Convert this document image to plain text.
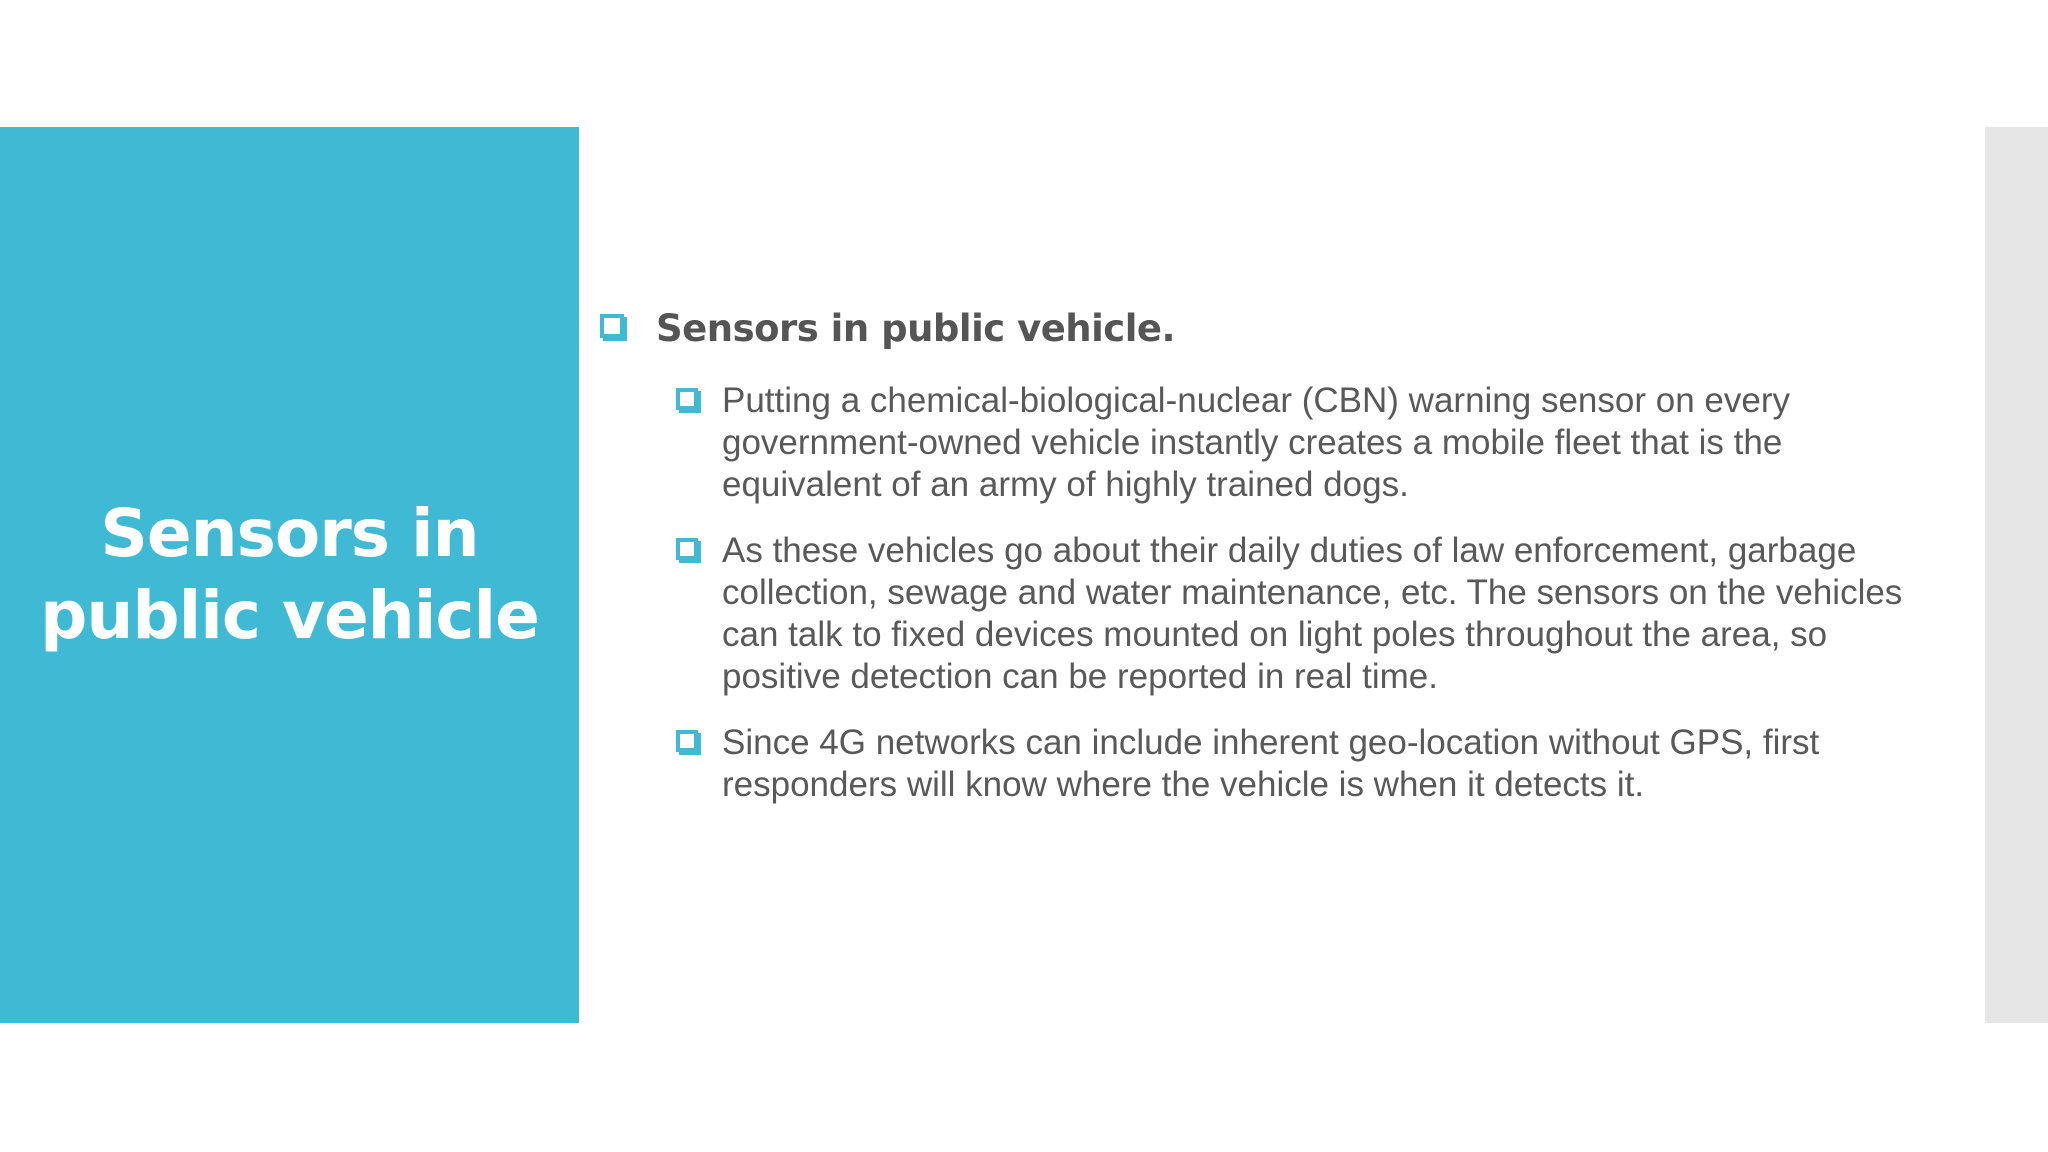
Sensors in public vehicle
Sensors in public vehicle.
Putting a chemical-biological-nuclear (CBN) warning sensor on every government-owned vehicle instantly creates a mobile fleet that is the equivalent of an army of highly trained dogs.
As these vehicles go about their daily duties of law enforcement, garbage collection, sewage and water maintenance, etc. The sensors on the vehicles can talk to fixed devices mounted on light poles throughout the area, so positive detection can be reported in real time.
Since 4G networks can include inherent geo-location without GPS, first responders will know where the vehicle is when it detects it.
